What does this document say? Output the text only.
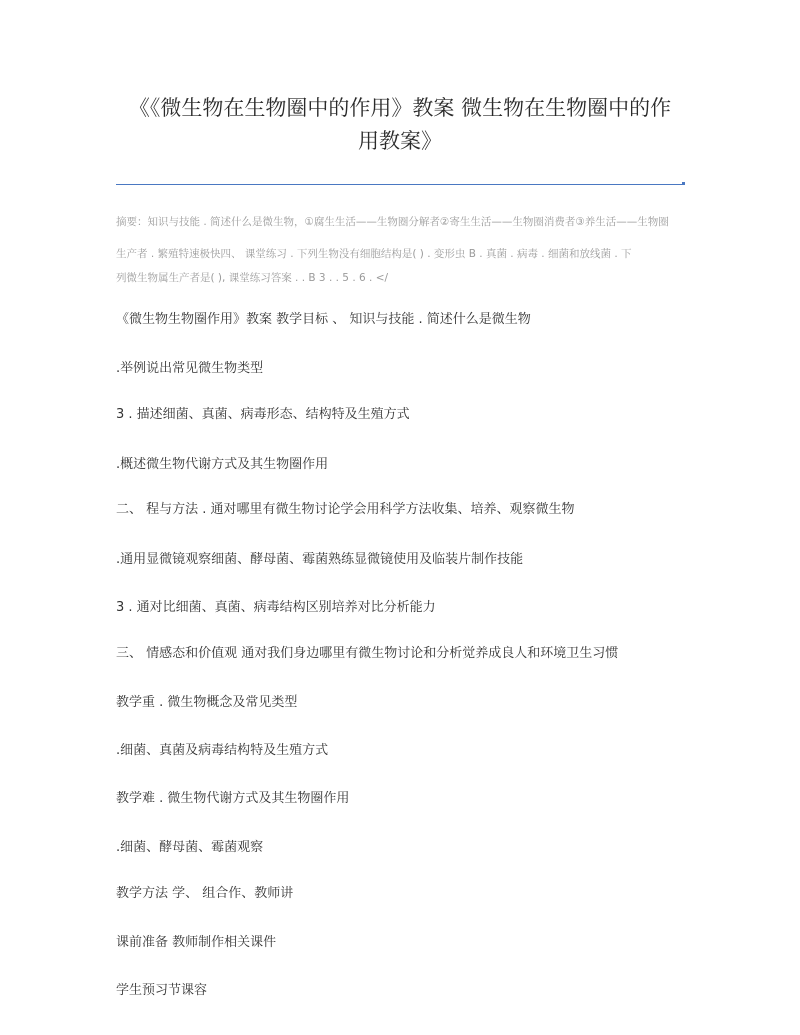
《《微生物在生物圈中的作用》教案 微生物在生物圈中的作用教案》
摘要：知识与技能 . 简述什么是微生物，①腐生生活——生物圈分解者②寄生生活——生物圈消费者③养生活——生物圈
生产者 . 繁殖特速极快四、 课堂练习 . 下列生物没有细胞结构是( ) . 变形虫 B . 真菌 . 病毒 . 细菌和放线菌 . 下
列微生物属生产者是( ), 课堂练习答案 . . B 3 . . 5 . 6 . </
《微生物生物圈作用》教案 教学目标 、 知识与技能 . 简述什么是微生物
.举例说出常见微生物类型
3 . 描述细菌、真菌、病毒形态、结构特及生殖方式
.概述微生物代谢方式及其生物圈作用
二、 程与方法 . 通对哪里有微生物讨论学会用科学方法收集、培养、观察微生物
.通用显微镜观察细菌、酵母菌、霉菌熟练显微镜使用及临装片制作技能
3 . 通对比细菌、真菌、病毒结构区别培养对比分析能力
三、 情感态和价值观 通对我们身边哪里有微生物讨论和分析觉养成良人和环境卫生习惯
教学重 . 微生物概念及常见类型
.细菌、真菌及病毒结构特及生殖方式
教学难 . 微生物代谢方式及其生物圈作用
.细菌、酵母菌、霉菌观察
教学方法 学、 组合作、教师讲
课前准备 教师制作相关课件
学生预习节课容
